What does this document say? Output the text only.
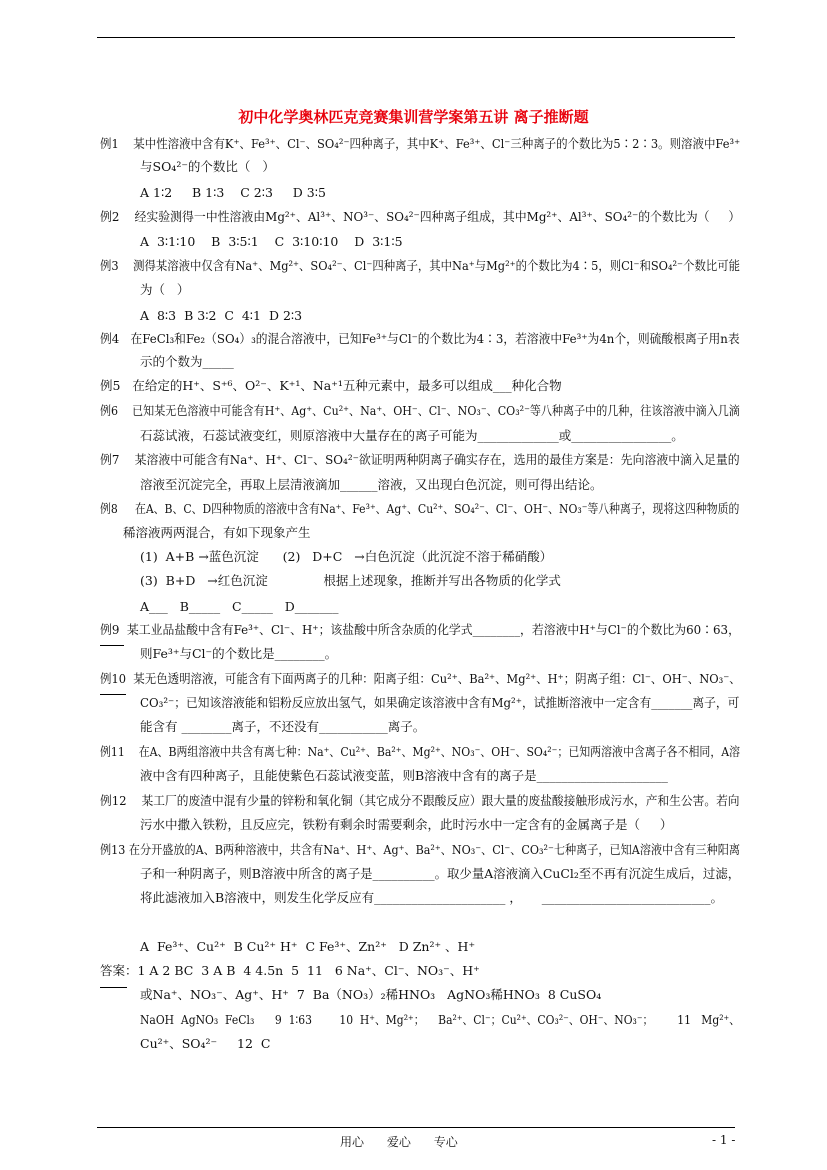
初中化学奥林匹克竞赛集训营学案第五讲 离子推断题
例1    某中性溶液中含有K⁺、Fe³⁺、Cl⁻、SO₄²⁻四种离子，其中K⁺、Fe³⁺、Cl⁻三种离子的个数比为5∶2∶3。则溶液中Fe³⁺
与SO₄²⁻的个数比（   ）
A 1∶2     B 1∶3    C 2∶3     D 3∶5
例2    经实验测得一中性溶液由Mg²⁺、Al³⁺、NO³⁻、SO₄²⁻四种离子组成，其中Mg²⁺、Al³⁺、SO₄²⁻的个数比为（     ）
A  3∶1∶10    B  3∶5∶1    C  3∶10∶10    D  3∶1∶5
例3    测得某溶液中仅含有Na⁺、Mg²⁺、SO₄²⁻、Cl⁻四种离子，其中Na⁺与Mg²⁺的个数比为4∶5，则Cl⁻和SO₄²⁻个数比可能
为（   ）
A  8∶3  B 3∶2  C  4∶1  D 2∶3
例4   在FeCl₃和Fe₂（SO₄）₃的混合溶液中，已知Fe³⁺与Cl⁻的个数比为4∶3，若溶液中Fe³⁺为4n个，则硫酸根离子用n表
示的个数为_____
例5   在给定的H⁺、S⁺⁶、O²⁻、K⁺¹、Na⁺¹五种元素中，最多可以组成___种化合物
例6    已知某无色溶液中可能含有H⁺、Ag⁺、Cu²⁺、Na⁺、OH⁻、Cl⁻、NO₃⁻、CO₃²⁻等八种离子中的几种，往该溶液中滴入几滴
石蕊试液，石蕊试液变红，则原溶液中大量存在的离子可能为_____________或________________。
例7    某溶液中可能含有Na⁺、H⁺、Cl⁻、SO₄²⁻欲证明两种阴离子确实存在，选用的最佳方案是：先向溶液中滴入足量的
溶液至沉淀完全，再取上层清液滴加______溶液，又出现白色沉淀，则可得出结论。
例8     在A、B、C、D四种物质的溶液中含有Na⁺、Fe³⁺、Ag⁺、Cu²⁺、SO₄²⁻、Cl⁻、OH⁻、NO₃⁻等八种离子，现将这四种物质的
稀溶液两两混合，有如下现象产生
(1)  A+B →蓝色沉淀      (2)   D+C   →白色沉淀（此沉淀不溶于稀硝酸）
(3)  B+D   →红色沉淀              根据上述现象，推断并写出各物质的化学式
A___   B_____   C_____   D_______
例9  某工业品盐酸中含有Fe³⁺、Cl⁻、H⁺；该盐酸中所含杂质的化学式________，若溶液中H⁺与Cl⁻的个数比为60∶63，
则Fe³⁺与Cl⁻的个数比是________。
例10  某无色透明溶液，可能含有下面两离子的几种：阳离子组：Cu²⁺、Ba²⁺、Mg²⁺、H⁺；阴离子组：Cl⁻、OH⁻、NO₃⁻、
CO₃²⁻；已知该溶液能和铝粉反应放出氢气，如果确定该溶液中含有Mg²⁺，试推断溶液中一定含有_______离子，可
能含有 ________离子，不还没有___________离子。
例11    在A、B两组溶液中共含有离七种：Na⁺、Cu²⁺、Ba²⁺、Mg²⁺、NO₃⁻、OH⁻、SO₄²⁻；已知两溶液中含离子各不相同，A溶
液中含有四种离子，且能使紫色石蕊试液变蓝，则B溶液中含有的离子是_____________________
例12    某工厂的废渣中混有少量的锌粉和氧化铜（其它成分不跟酸反应）跟大量的废盐酸接触形成污水，产和生公害。若向
污水中撒入铁粉，且反应完，铁粉有剩余时需要剩余，此时污水中一定含有的金属离子是（     ）
例13 在分开盛放的A、B两种溶液中，共含有Na⁺、H⁺、Ag⁺、Ba²⁺、NO₃⁻、Cl⁻、CO₃²⁻七种离子，已知A溶液中含有三种阳离
子和一种阴离子，则B溶液中所含的离子是__________。取少量A溶液滴入CuCl₂至不再有沉淀生成后，过滤，
将此滤液加入B溶液中，则发生化学反应有_____________________ ，     ___________________________。
A  Fe³⁺、Cu²⁺  B Cu²⁺ H⁺  C Fe³⁺、Zn²⁺   D Zn²⁺ 、H⁺
答案：1 A 2 BC  3 A B  4 4.5n  5  11   6 Na⁺、Cl⁻、NO₃⁻、H⁺
或Na⁺、NO₃⁻、Ag⁺、H⁺  7  Ba（NO₃）₂稀HNO₃   AgNO₃稀HNO₃  8 CuSO₄
NaOH  AgNO₃  FeCl₃      9  1∶63        10  H⁺、Mg²⁺；    Ba²⁺、Cl⁻；Cu²⁺、CO₃²⁻、OH⁻、NO₃⁻；       11   Mg²⁺、
Cu²⁺、SO₄²⁻     12  C
用心      爱心      专心	- 1 -
